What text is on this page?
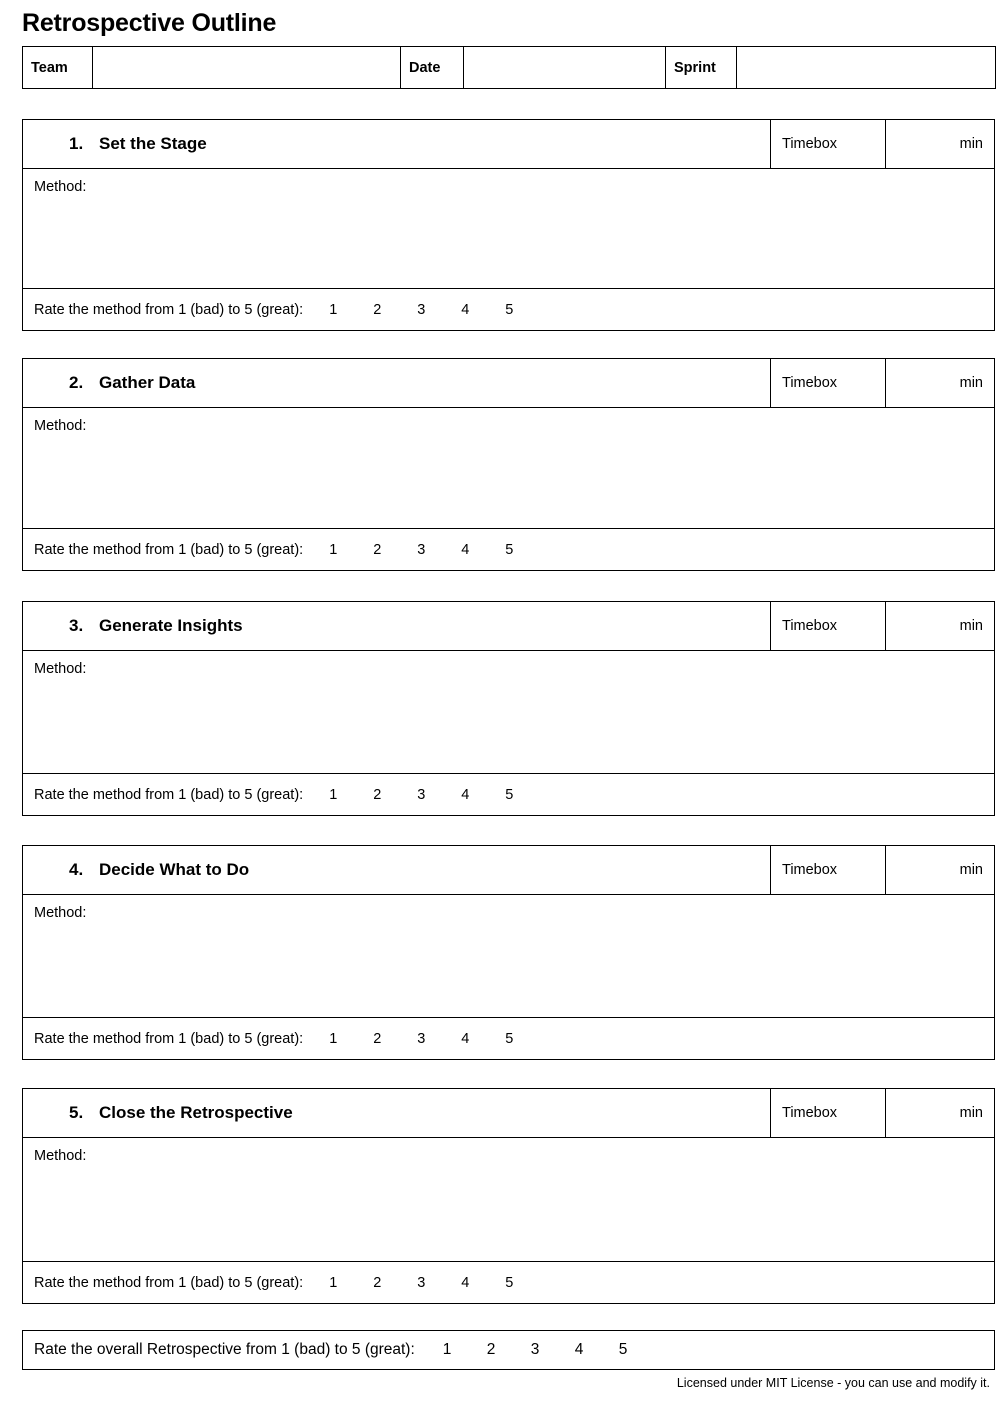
Retrospective Outline
Team		Date		Sprint	
1. Set the Stage	Timebox	min
Method:
Rate the method from 1 (bad) to 5 (great): 1 2 3 4 5
2. Gather Data	Timebox	min
Method:
Rate the method from 1 (bad) to 5 (great): 1 2 3 4 5
3. Generate Insights	Timebox	min
Method:
Rate the method from 1 (bad) to 5 (great): 1 2 3 4 5
4. Decide What to Do	Timebox	min
Method:
Rate the method from 1 (bad) to 5 (great): 1 2 3 4 5
5. Close the Retrospective	Timebox	min
Method:
Rate the method from 1 (bad) to 5 (great): 1 2 3 4 5
Rate the overall Retrospective from 1 (bad) to 5 (great): 1 2 3 4 5
Licensed under MIT License - you can use and modify it.
